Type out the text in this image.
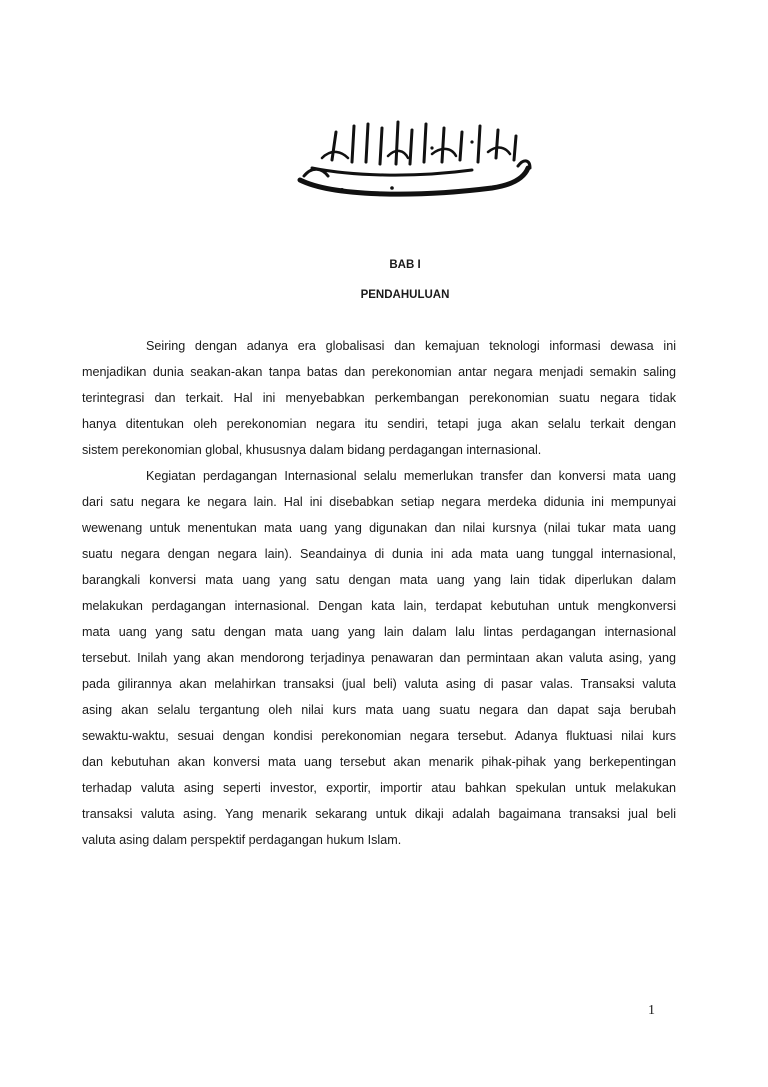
BAB I
PENDAHULUAN
Seiring dengan adanya era globalisasi dan kemajuan teknologi informasi dewasa ini
menjadikan dunia seakan-akan tanpa batas dan perekonomian antar negara menjadi semakin saling
terintegrasi dan terkait. Hal ini menyebabkan perkembangan perekonomian suatu negara tidak
hanya ditentukan oleh perekonomian negara itu sendiri, tetapi juga akan selalu terkait dengan
sistem perekonomian global, khususnya dalam bidang perdagangan internasional.
Kegiatan perdagangan Internasional selalu memerlukan transfer dan konversi mata uang
dari satu negara ke negara lain. Hal ini disebabkan setiap negara merdeka didunia ini mempunyai
wewenang untuk menentukan mata uang yang digunakan dan nilai kursnya (nilai tukar mata uang
suatu negara dengan negara lain). Seandainya di dunia ini ada mata uang tunggal internasional,
barangkali konversi mata uang yang satu dengan mata uang yang lain tidak diperlukan dalam
melakukan perdagangan internasional. Dengan kata lain, terdapat kebutuhan untuk mengkonversi
mata uang yang satu dengan mata uang yang lain dalam lalu lintas perdagangan internasional
tersebut. Inilah yang akan mendorong terjadinya penawaran dan permintaan akan valuta asing, yang
pada gilirannya akan melahirkan transaksi (jual beli) valuta asing di pasar valas. Transaksi valuta
asing akan selalu tergantung oleh nilai kurs mata uang suatu negara dan dapat saja berubah
sewaktu-waktu, sesuai dengan kondisi perekonomian negara tersebut. Adanya fluktuasi nilai kurs
dan kebutuhan akan konversi mata uang tersebut akan menarik pihak-pihak yang berkepentingan
terhadap valuta asing seperti investor, exportir, importir atau bahkan spekulan untuk melakukan
transaksi valuta asing. Yang menarik sekarang untuk dikaji adalah bagaimana transaksi jual beli
valuta asing dalam perspektif perdagangan hukum Islam.
1
